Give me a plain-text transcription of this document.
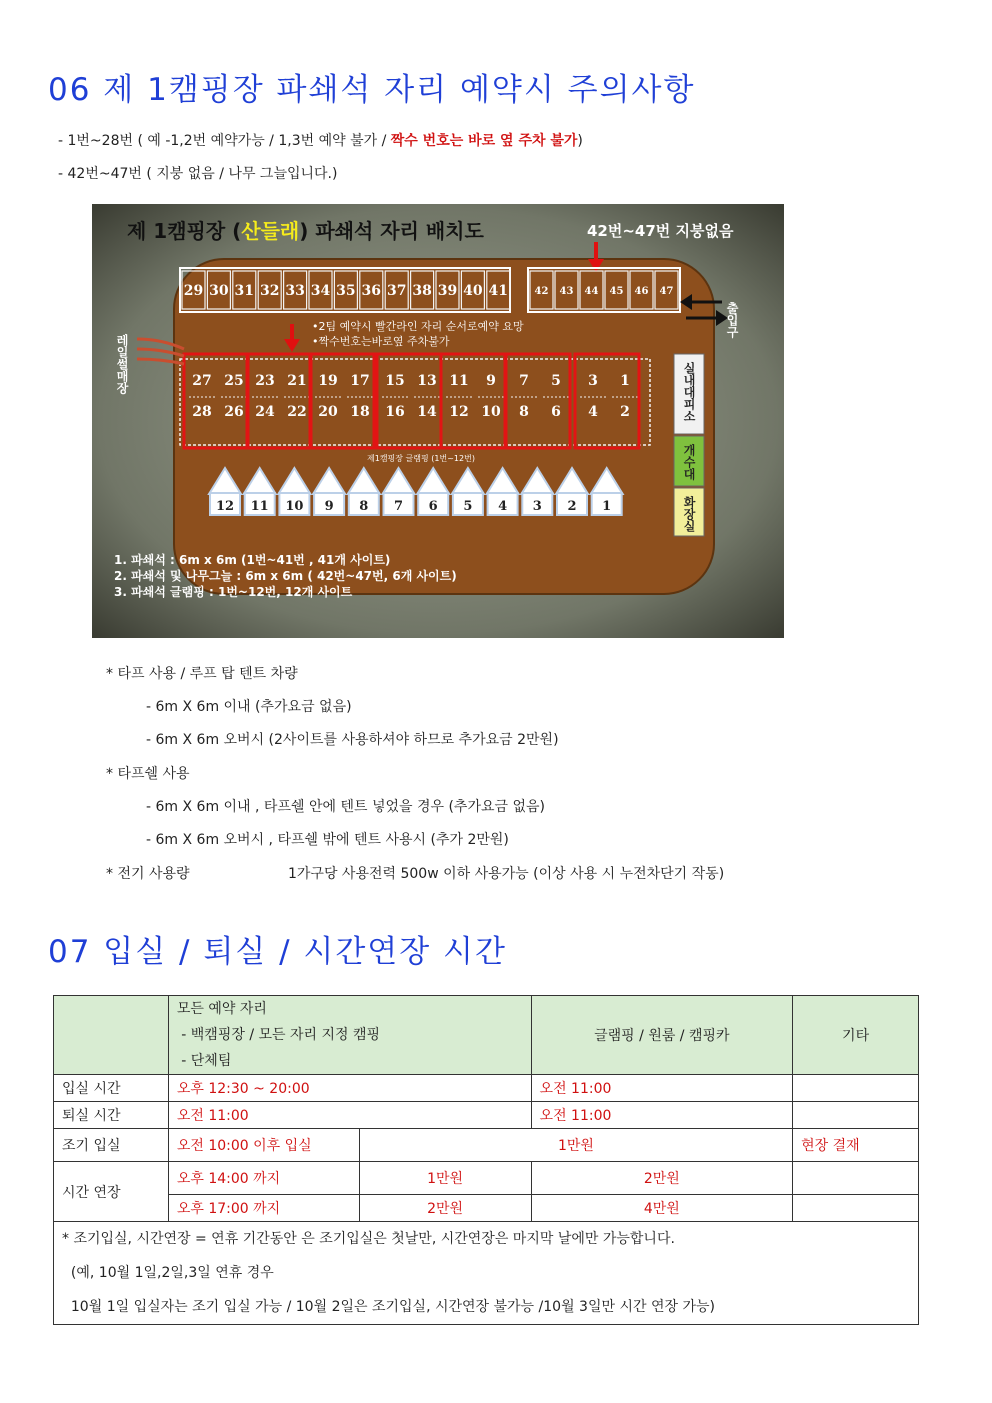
06 제 1캠핑장 파쇄석 자리 예약시 주의사항
- 1번~28번 ( 예 -1,2번 예약가능 / 1,3번 예약 불가 / 짝수 번호는 바로 옆 주차 불가)
- 42번~47번 ( 지붕 없음 / 나무 그늘입니다.)
제 1캠핑장 (산들래) 파쇄석 자리 배치도	42번~47번 지붕없음
29 30 31 32 33 34 35 36 37 38 39 40 41	42 43 44 45 46 47
•2팀 예약시 빨간라인 자리 순서로예약 요망
•짝수번호는바로옆 주차불가
27
28
25
26
23
24
21
22
19
20
17
18
15
16
13
14
11
12
9
10
7
8
5
6
3
4
1
2
제1캠핑장 글램핑 (1번~12번)
12 11 10 9 8 7 6 5 4 3 2 1
레일썰매장
출입구
실내대피소
개수대
화장실
1. 파쇄석 : 6m x 6m (1번~41번 , 41개 사이트)
2. 파쇄석 및 나무그늘 : 6m x 6m ( 42번~47번, 6개 사이트)
3. 파쇄석 글램핑 : 1번~12번, 12개 사이트
* 타프 사용 / 루프 탑 텐트 차량
- 6m X 6m 이내 (추가요금 없음)
- 6m X 6m 오버시 (2사이트를 사용하셔야 하므로 추가요금 2만원)
* 타프쉘 사용
- 6m X 6m 이내 , 타프쉘 안에 텐트 넣었을 경우 (추가요금 없음)
- 6m X 6m 오버시 , 타프쉘 밖에 텐트 사용시 (추가 2만원)
* 전기 사용량	1가구당 사용전력 500w 이하 사용가능 (이상 사용 시 누전차단기 작동)
07 입실 / 퇴실 / 시간연장 시간

	모든 예약 자리
- 백캠핑장 / 모든 자리 지정 캠핑
- 단체팀		글램핑 / 원룸 / 캠핑카	기타
입실 시간	오후 12:30 ~ 20:00		오전 11:00	
퇴실 시간	오전 11:00		오전 11:00	
조기 입실	오전 10:00 이후 입실	1만원		현장 결재
시간 연장	오후 14:00 까지	1만원	2만원	
	오후 17:00 까지	2만원	4만원	

* 조기입실, 시간연장 = 연휴 기간동안 은 조기입실은 첫날만, 시간연장은 마지막 날에만 가능합니다.
(예, 10월 1일,2일,3일 연휴 경우
10월 1일 입실자는 조기 입실 가능 / 10월 2일은 조기입실, 시간연장 불가능 /10월 3일만 시간 연장 가능)				
